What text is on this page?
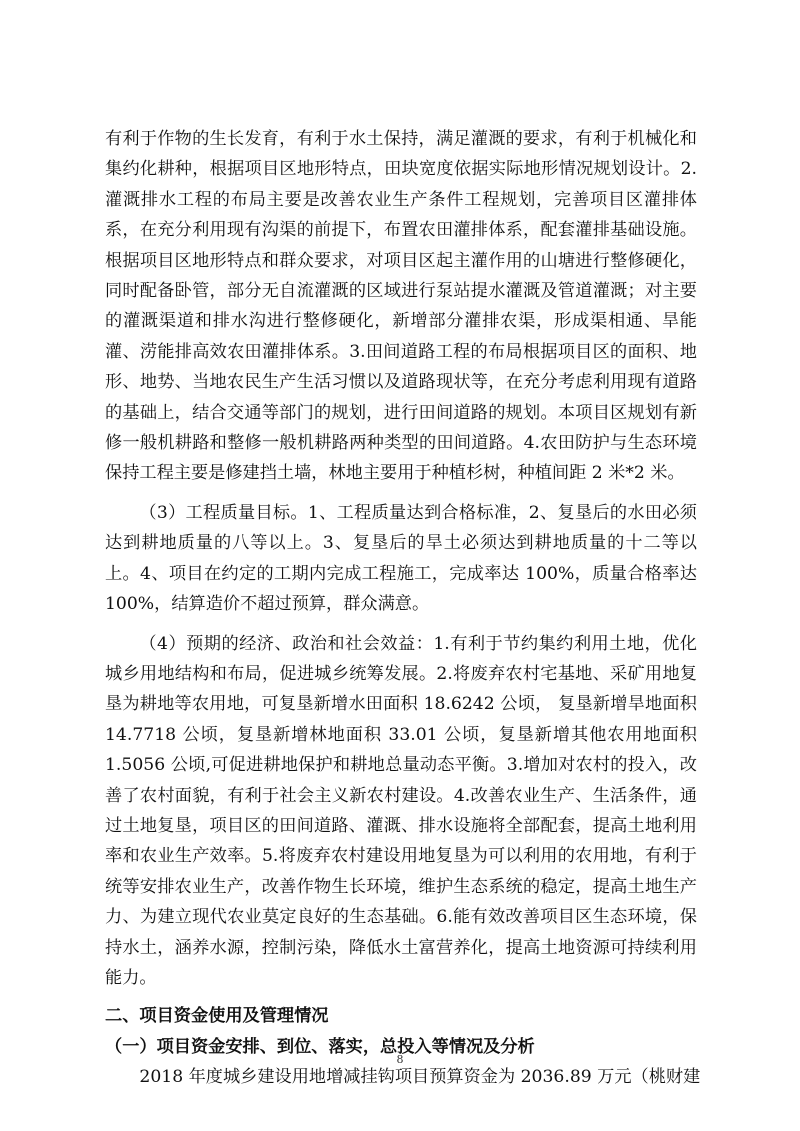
有利于作物的生长发育，有利于水土保持，满足灌溉的要求，有利于机械化和集约化耕种，根据项目区地形特点，田块宽度依据实际地形情况规划设计。2.灌溉排水工程的布局主要是改善农业生产条件工程规划，完善项目区灌排体系，在充分利用现有沟渠的前提下，布置农田灌排体系，配套灌排基础设施。根据项目区地形特点和群众要求，对项目区起主灌作用的山塘进行整修硬化，同时配备卧管，部分无自流灌溉的区域进行泵站提水灌溉及管道灌溉；对主要的灌溉渠道和排水沟进行整修硬化，新增部分灌排农渠，形成渠相通、旱能灌、涝能排高效农田灌排体系。3.田间道路工程的布局根据项目区的面积、地形、地势、当地农民生产生活习惯以及道路现状等，在充分考虑利用现有道路的基础上，结合交通等部门的规划，进行田间道路的规划。本项目区规划有新修一般机耕路和整修一般机耕路两种类型的田间道路。4.农田防护与生态环境保持工程主要是修建挡土墙，林地主要用于种植杉树，种植间距 2 米*2 米。

（3）工程质量目标。1、工程质量达到合格标准，2、复垦后的水田必须达到耕地质量的八等以上。3、复垦后的旱土必须达到耕地质量的十二等以上。4、项目在约定的工期内完成工程施工，完成率达 100%，质量合格率达 100%，结算造价不超过预算，群众满意。

（4）预期的经济、政治和社会效益：1.有利于节约集约利用土地，优化城乡用地结构和布局，促进城乡统筹发展。2.将废弃农村宅基地、采矿用地复垦为耕地等农用地，可复垦新增水田面积 18.6242 公顷， 复垦新增旱地面积 14.7718 公顷，复垦新增林地面积 33.01 公顷，复垦新增其他农用地面积 1.5056 公顷,可促进耕地保护和耕地总量动态平衡。3.增加对农村的投入，改善了农村面貌，有利于社会主义新农村建设。4.改善农业生产、生活条件，通过土地复垦，项目区的田间道路、灌溉、排水设施将全部配套，提高土地利用率和农业生产效率。5.将废弃农村建设用地复垦为可以利用的农用地，有利于统等安排农业生产，改善作物生长环境，维护生态系统的稳定，提高土地生产力、为建立现代农业莫定良好的生态基础。6.能有效改善项目区生态环境，保持水土，涵养水源，控制污染，降低水土富营养化，提高土地资源可持续利用能力。

二、项目资金使用及管理情况

（一）项目资金安排、到位、落实，总投入等情况及分析

2018 年度城乡建设用地增减挂钩项目预算资金为 2036.89 万元（桃财建

8
